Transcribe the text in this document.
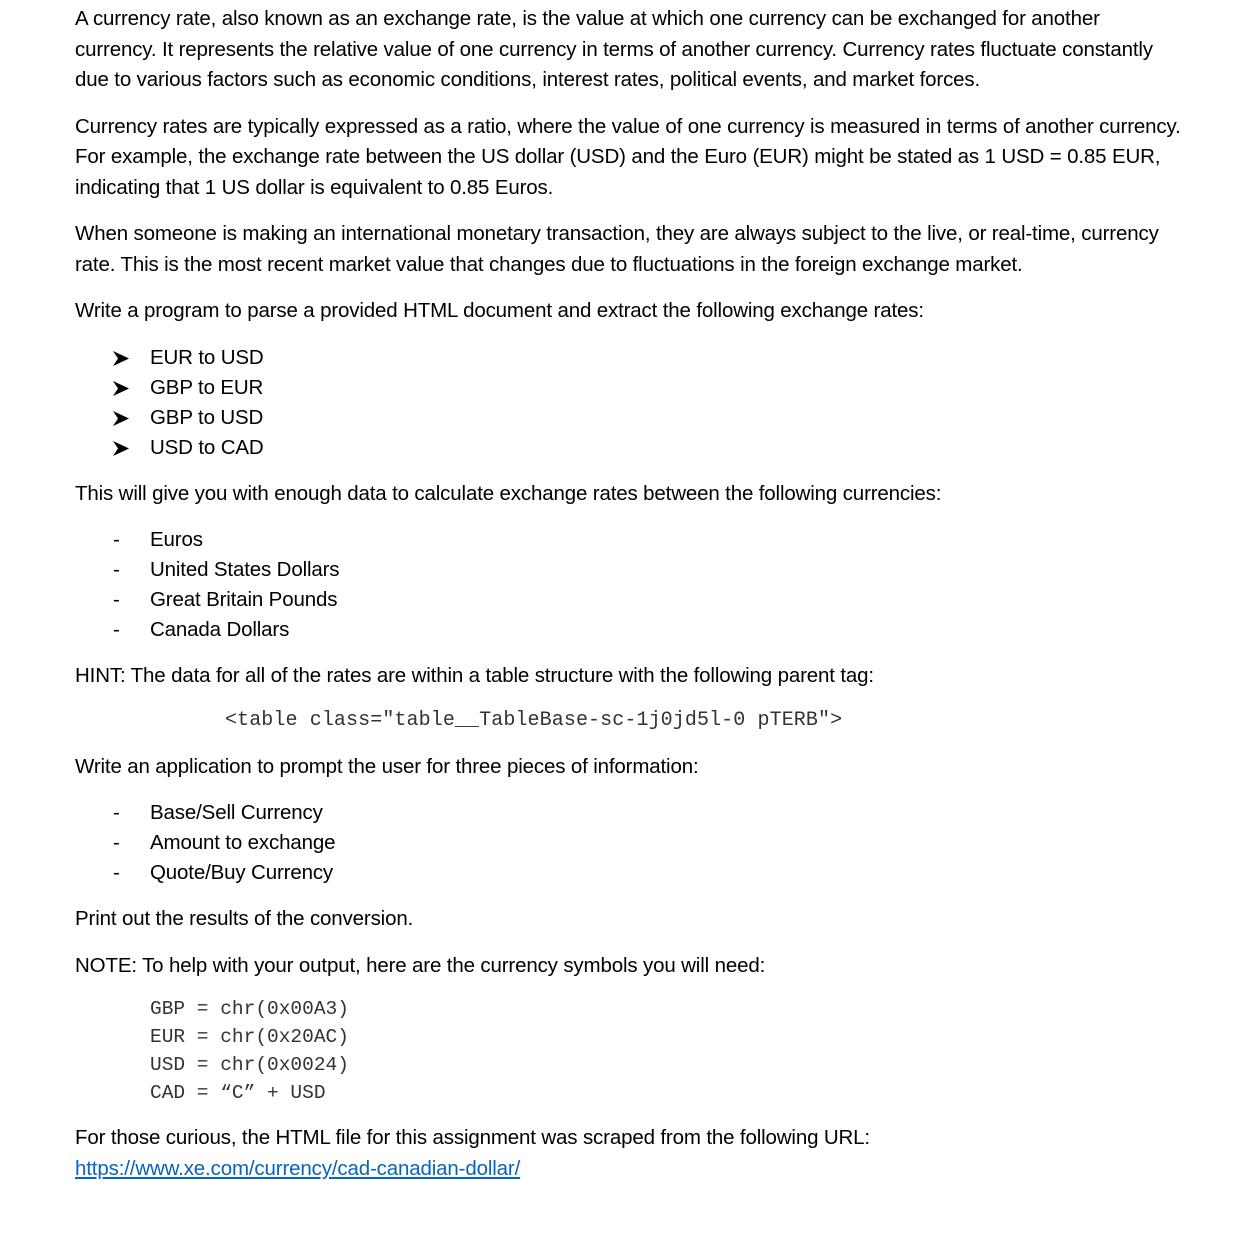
A currency rate, also known as an exchange rate, is the value at which one currency can be exchanged for another currency. It represents the relative value of one currency in terms of another currency. Currency rates fluctuate constantly due to various factors such as economic conditions, interest rates, political events, and market forces.

Currency rates are typically expressed as a ratio, where the value of one currency is measured in terms of another currency. For example, the exchange rate between the US dollar (USD) and the Euro (EUR) might be stated as 1 USD = 0.85 EUR, indicating that 1 US dollar is equivalent to 0.85 Euros.

When someone is making an international monetary transaction, they are always subject to the live, or real-time, currency rate. This is the most recent market value that changes due to fluctuations in the foreign exchange market.

Write a program to parse a provided HTML document and extract the following exchange rates:

EUR to USD
GBP to EUR
GBP to USD
USD to CAD

This will give you with enough data to calculate exchange rates between the following currencies:

-	Euros
-	United States Dollars
-	Great Britain Pounds
-	Canada Dollars

HINT: The data for all of the rates are within a table structure with the following parent tag:

<table class="table__TableBase-sc-1j0jd5l-0 pTERB">

Write an application to prompt the user for three pieces of information:

-	Base/Sell Currency
-	Amount to exchange
-	Quote/Buy Currency

Print out the results of the conversion.

NOTE: To help with your output, here are the currency symbols you will need:

GBP = chr(0x00A3)
EUR = chr(0x20AC)
USD = chr(0x0024)
CAD = “C” + USD

For those curious, the HTML file for this assignment was scraped from the following URL:
https://www.xe.com/currency/cad-canadian-dollar/
